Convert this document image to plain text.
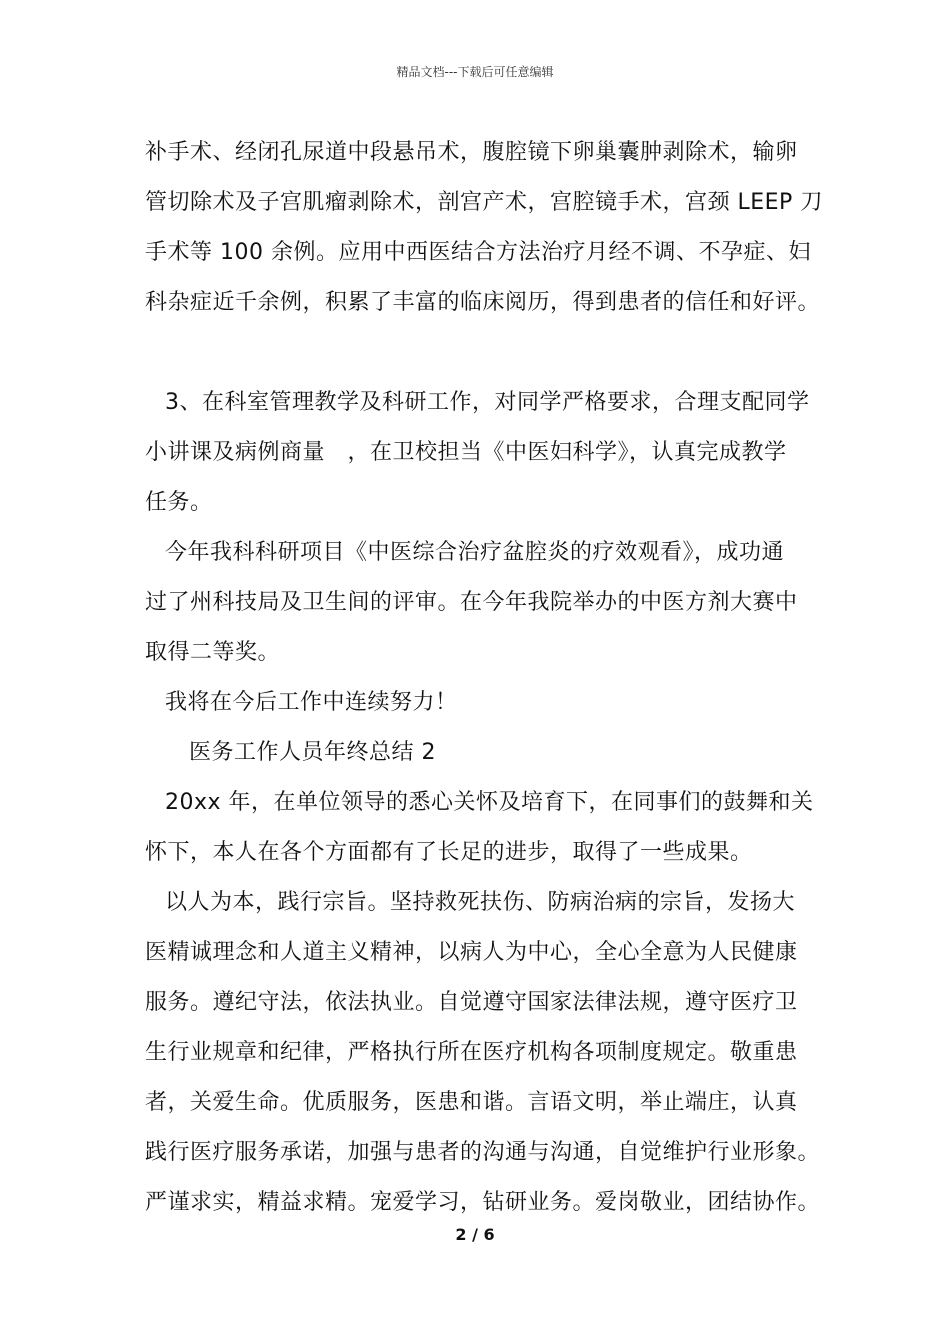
精品文档---下载后可任意编辑
补手术、经闭孔尿道中段悬吊术，腹腔镜下卵巢囊肿剥除术，输卵
管切除术及子宫肌瘤剥除术，剖宫产术，宫腔镜手术，宫颈 LEEP 刀
手术等 100 余例。应用中西医结合方法治疗月经不调、不孕症、妇
科杂症近千余例，积累了丰富的临床阅历，得到患者的信任和好评。
3、在科室管理教学及科研工作，对同学严格要求，合理支配同学
小讲课及病例商量　，在卫校担当《中医妇科学》，认真完成教学
任务。
今年我科科研项目《中医综合治疗盆腔炎的疗效观看》，成功通
过了州科技局及卫生间的评审。在今年我院举办的中医方剂大赛中
取得二等奖。
我将在今后工作中连续努力！
医务工作人员年终总结 2
20xx 年，在单位领导的悉心关怀及培育下，在同事们的鼓舞和关
怀下，本人在各个方面都有了长足的进步，取得了一些成果。
以人为本，践行宗旨。坚持救死扶伤、防病治病的宗旨，发扬大
医精诚理念和人道主义精神，以病人为中心，全心全意为人民健康
服务。遵纪守法，依法执业。自觉遵守国家法律法规，遵守医疗卫
生行业规章和纪律，严格执行所在医疗机构各项制度规定。敬重患
者，关爱生命。优质服务，医患和谐。言语文明，举止端庄，认真
践行医疗服务承诺，加强与患者的沟通与沟通，自觉维护行业形象。
严谨求实，精益求精。宠爱学习，钻研业务。爱岗敬业，团结协作。
2 / 6
